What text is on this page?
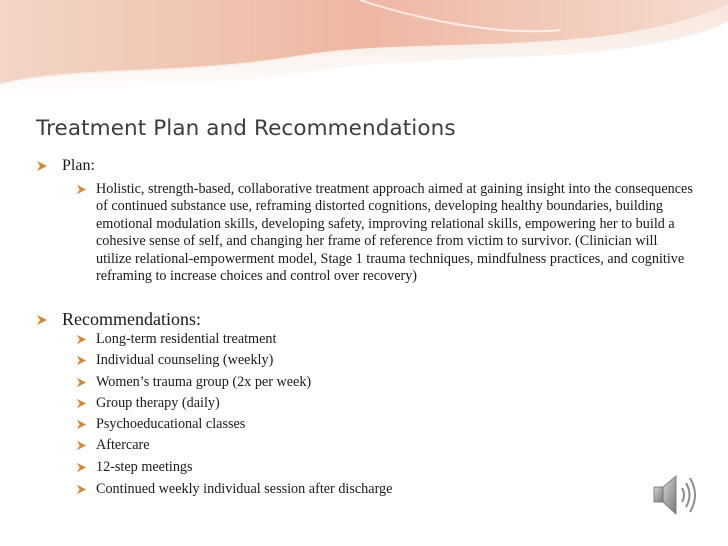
Treatment Plan and Recommendations
Plan:
Holistic, strength-based, collaborative treatment approach aimed at gaining insight into the consequences of continued substance use, reframing distorted cognitions, developing healthy boundaries, building emotional modulation skills, developing safety, improving relational skills, empowering her to build a cohesive sense of self, and changing her frame of reference from victim to survivor. (Clinician will utilize relational-empowerment model, Stage 1 trauma techniques, mindfulness practices, and cognitive reframing to increase choices and control over recovery)
Recommendations:
Long-term residential treatment
Individual counseling (weekly)
Women’s trauma group (2x per week)
Group therapy (daily)
Psychoeducational classes
Aftercare
12-step meetings
Continued weekly individual session after discharge
